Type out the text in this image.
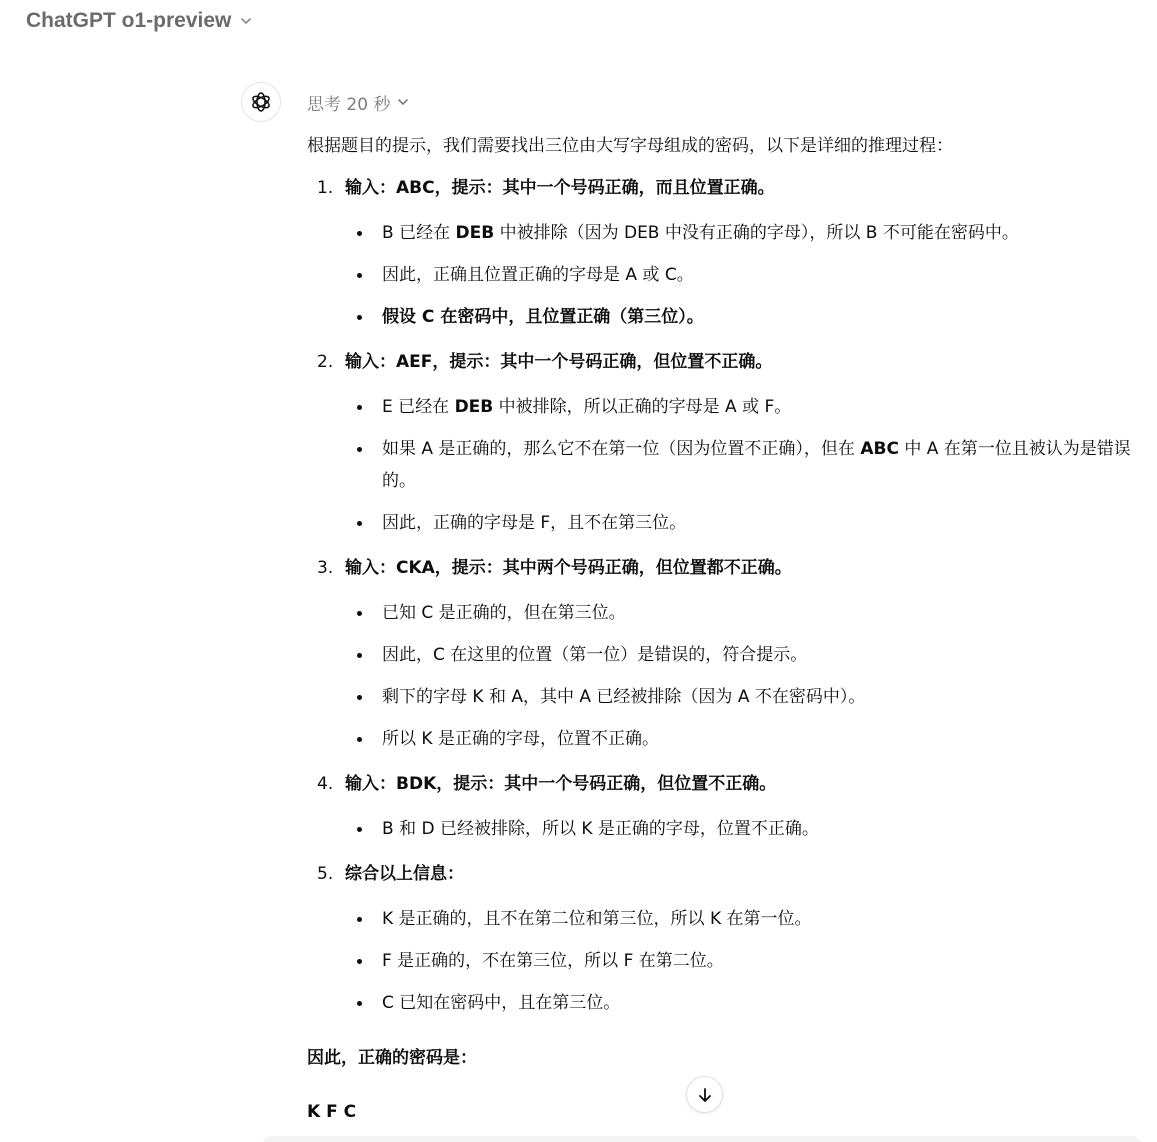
ChatGPT o1-preview
思考 20 秒

根据题目的提示，我们需要找出三位由大写字母组成的密码，以下是详细的推理过程：

1. 输入：ABC，提示：其中一个号码正确，而且位置正确。
B 已经在 DEB 中被排除（因为 DEB 中没有正确的字母），所以 B 不可能在密码中。
因此，正确且位置正确的字母是 A 或 C。
假设 C 在密码中，且位置正确（第三位）。
2. 输入：AEF，提示：其中一个号码正确，但位置不正确。
E 已经在 DEB 中被排除，所以正确的字母是 A 或 F。
如果 A 是正确的，那么它不在第一位（因为位置不正确），但在 ABC 中 A 在第一位且被认为是错误的。
因此，正确的字母是 F，且不在第三位。
3. 输入：CKA，提示：其中两个号码正确，但位置都不正确。
已知 C 是正确的，但在第三位。
因此，C 在这里的位置（第一位）是错误的，符合提示。
剩下的字母 K 和 A，其中 A 已经被排除（因为 A 不在密码中）。
所以 K 是正确的字母，位置不正确。
4. 输入：BDK，提示：其中一个号码正确，但位置不正确。
B 和 D 已经被排除，所以 K 是正确的字母，位置不正确。
5. 综合以上信息：
K 是正确的，且不在第二位和第三位，所以 K 在第一位。
F 是正确的，不在第三位，所以 F 在第二位。
C 已知在密码中，且在第三位。

因此，正确的密码是：

K F C
